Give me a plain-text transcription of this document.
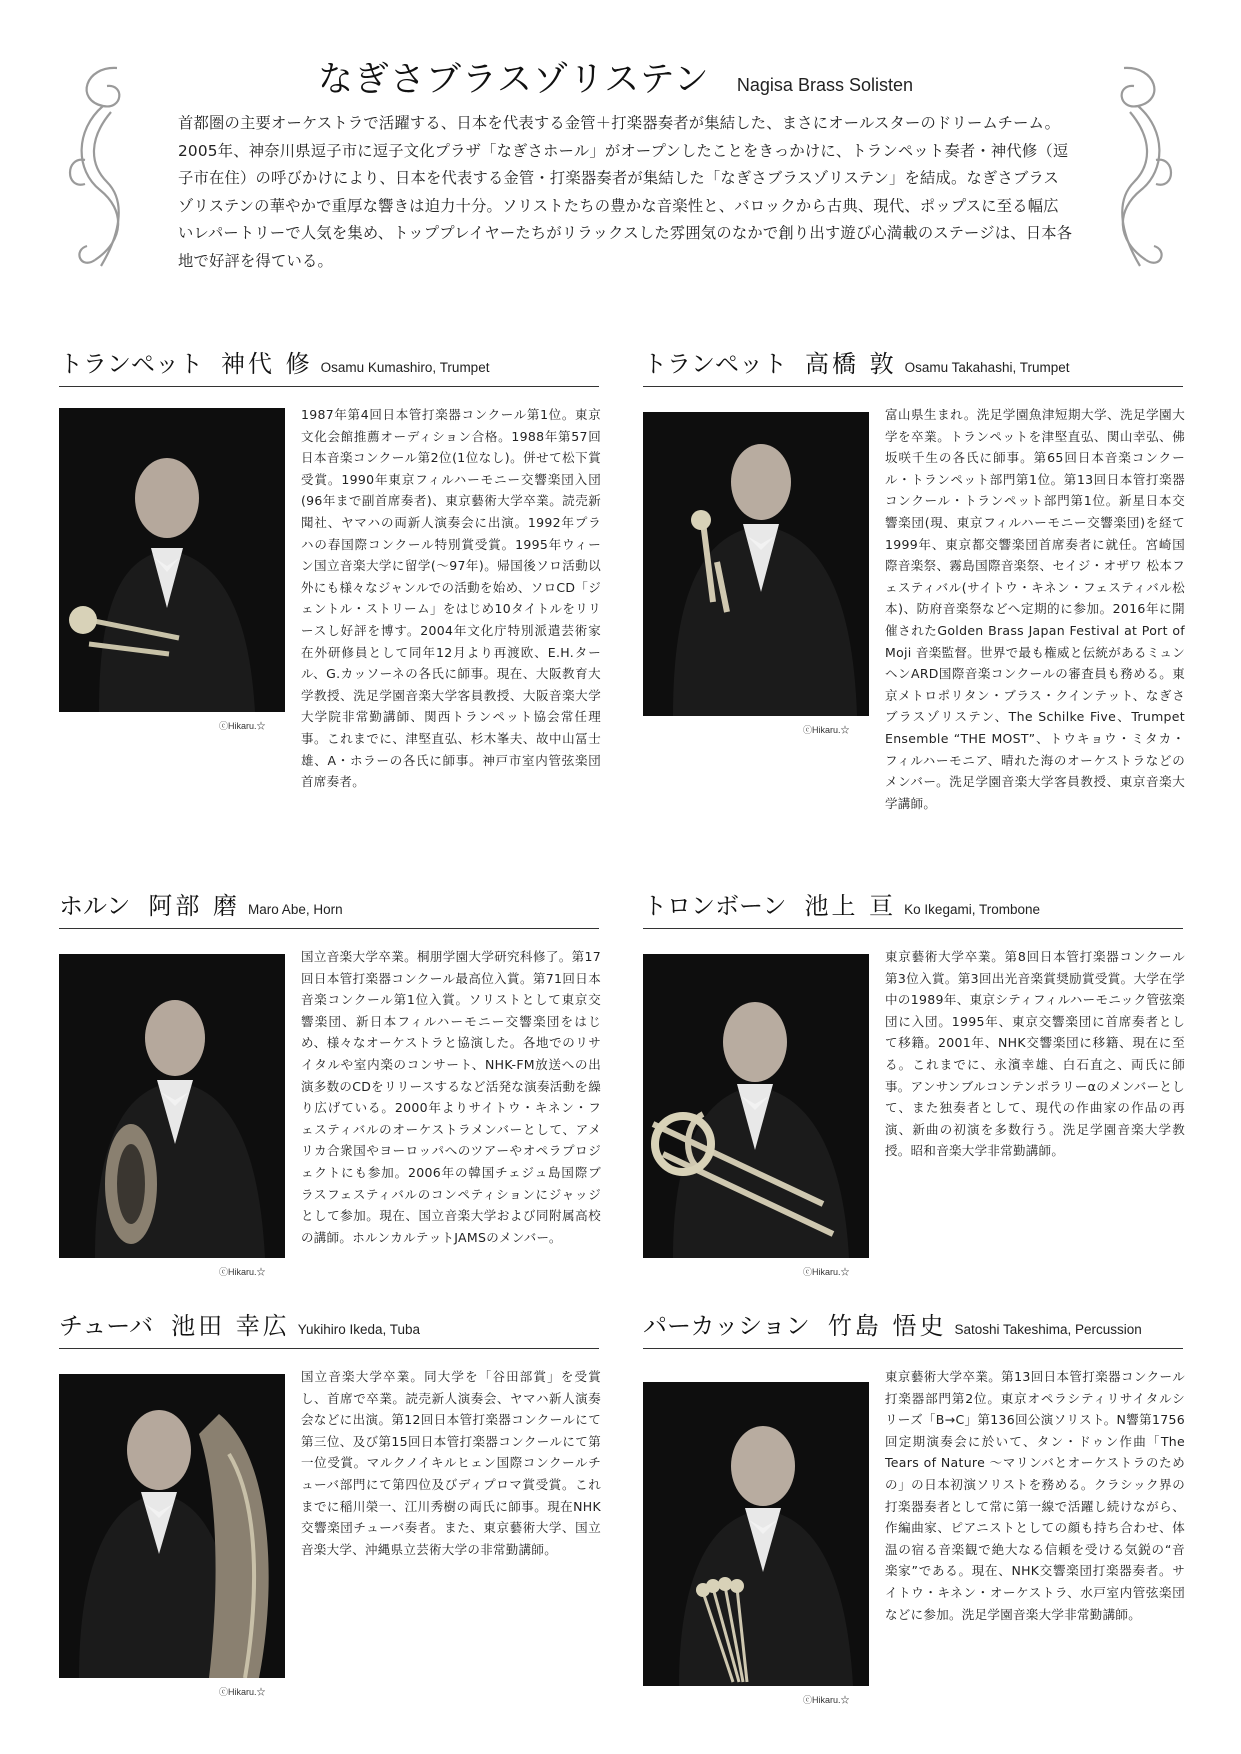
なぎさブラスゾリステン Nagisa Brass Solisten

首都圏の主要オーケストラで活躍する、日本を代表する金管＋打楽器奏者が集結した、まさにオールスターのドリームチーム。2005年、神奈川県逗子市に逗子文化プラザ「なぎさホール」がオープンしたことをきっかけに、トランペット奏者・神代修（逗子市在住）の呼びかけにより、日本を代表する金管・打楽器奏者が集結した「なぎさブラスゾリステン」を結成。なぎさブラスゾリステンの華やかで重厚な響きは迫力十分。ソリストたちの豊かな音楽性と、バロックから古典、現代、ポップスに至る幅広いレパートリーで人気を集め、トッププレイヤーたちがリラックスした雰囲気のなかで創り出す遊び心満載のステージは、日本各地で好評を得ている。

トランペット 神代 修 Osamu Kumashiro, Trumpet
ⓒHikaru.☆

1987年第4回日本管打楽器コンクール第1位。東京文化会館推薦オーディション合格。1988年第57回日本音楽コンクール第2位(1位なし)。併せて松下賞受賞。1990年東京フィルハーモニー交響楽団入団(96年まで副首席奏者)、東京藝術大学卒業。読売新聞社、ヤマハの両新人演奏会に出演。1992年プラハの春国際コンクール特別賞受賞。1995年ウィーン国立音楽大学に留学(〜97年)。帰国後ソロ活動以外にも様々なジャンルでの活動を始め、ソロCD「ジェントル・ストリーム」をはじめ10タイトルをリリースし好評を博す。2004年文化庁特別派遣芸術家在外研修員として同年12月より再渡欧、E.H.タール、G.カッソーネの各氏に師事。現在、大阪教育大学教授、洗足学園音楽大学客員教授、大阪音楽大学大学院非常勤講師、関西トランペット協会常任理事。これまでに、津堅直弘、杉木峯夫、故中山冨士雄、A・ホラーの各氏に師事。神戸市室内管弦楽団首席奏者。

トランペット 高橋 敦 Osamu Takahashi, Trumpet
ⓒHikaru.☆

富山県生まれ。洗足学園魚津短期大学、洗足学園大学を卒業。トランペットを津堅直弘、関山幸弘、佛坂咲千生の各氏に師事。第65回日本音楽コンクール・トランペット部門第1位。第13回日本管打楽器コンクール・トランペット部門第1位。新星日本交響楽団(現、東京フィルハーモニー交響楽団)を経て1999年、東京都交響楽団首席奏者に就任。宮崎国際音楽祭、霧島国際音楽祭、セイジ・オザワ 松本フェスティバル(サイトウ・キネン・フェスティバル松本)、防府音楽祭などへ定期的に参加。2016年に開催されたGolden Brass Japan Festival at Port of Moji 音楽監督。世界で最も権威と伝統があるミュンヘンARD国際音楽コンクールの審査員も務める。東京メトロポリタン・ブラス・クインテット、なぎさブラスゾリステン、The Schilke Five、Trumpet Ensemble “THE MOST”、トウキョウ・ミタカ・フィルハーモニア、晴れた海のオーケストラなどのメンバー。洗足学園音楽大学客員教授、東京音楽大学講師。

ホルン 阿部 磨 Maro Abe, Horn
ⓒHikaru.☆

国立音楽大学卒業。桐朋学園大学研究科修了。第17回日本管打楽器コンクール最高位入賞。第71回日本音楽コンクール第1位入賞。ソリストとして東京交響楽団、新日本フィルハーモニー交響楽団をはじめ、様々なオーケストラと協演した。各地でのリサイタルや室内楽のコンサート、NHK-FM放送への出演多数のCDをリリースするなど活発な演奏活動を繰り広げている。2000年よりサイトウ・キネン・フェスティバルのオーケストラメンバーとして、アメリカ合衆国やヨーロッパへのツアーやオペラプロジェクトにも参加。2006年の韓国チェジュ島国際ブラスフェスティバルのコンペティションにジャッジとして参加。現在、国立音楽大学および同附属高校の講師。ホルンカルテットJAMSのメンバー。

トロンボーン 池上 亘 Ko Ikegami, Trombone
ⓒHikaru.☆

東京藝術大学卒業。第8回日本管打楽器コンクール第3位入賞。第3回出光音楽賞奨励賞受賞。大学在学中の1989年、東京シティフィルハーモニック管弦楽団に入団。1995年、東京交響楽団に首席奏者として移籍。2001年、NHK交響楽団に移籍、現在に至る。これまでに、永濱幸雄、白石直之、両氏に師事。アンサンブルコンテンポラリーαのメンバーとして、また独奏者として、現代の作曲家の作品の再演、新曲の初演を多数行う。洗足学園音楽大学教授。昭和音楽大学非常勤講師。

チューバ 池田 幸広 Yukihiro Ikeda, Tuba
ⓒHikaru.☆

国立音楽大学卒業。同大学を「谷田部賞」を受賞し、首席で卒業。読売新人演奏会、ヤマハ新人演奏会などに出演。第12回日本管打楽器コンクールにて第三位、及び第15回日本管打楽器コンクールにて第一位受賞。マルクノイキルヒェン国際コンクールチューバ部門にて第四位及びディプロマ賞受賞。これまでに稲川榮一、江川秀樹の両氏に師事。現在NHK交響楽団チューバ奏者。また、東京藝術大学、国立音楽大学、沖縄県立芸術大学の非常勤講師。

パーカッション 竹島 悟史 Satoshi Takeshima, Percussion
ⓒHikaru.☆

東京藝術大学卒業。第13回日本管打楽器コンクール打楽器部門第2位。東京オペラシティリサイタルシリーズ「B→C」第136回公演ソリスト。N響第1756回定期演奏会に於いて、タン・ドゥン作曲「The Tears of Nature 〜マリンバとオーケストラのための」の日本初演ソリストを務める。クラシック界の打楽器奏者として常に第一線で活躍し続けながら、作編曲家、ピアニストとしての顔も持ち合わせ、体温の宿る音楽観で絶大なる信頼を受ける気鋭の“音楽家”である。現在、NHK交響楽団打楽器奏者。サイトウ・キネン・オーケストラ、水戸室内管弦楽団などに参加。洗足学園音楽大学非常勤講師。
